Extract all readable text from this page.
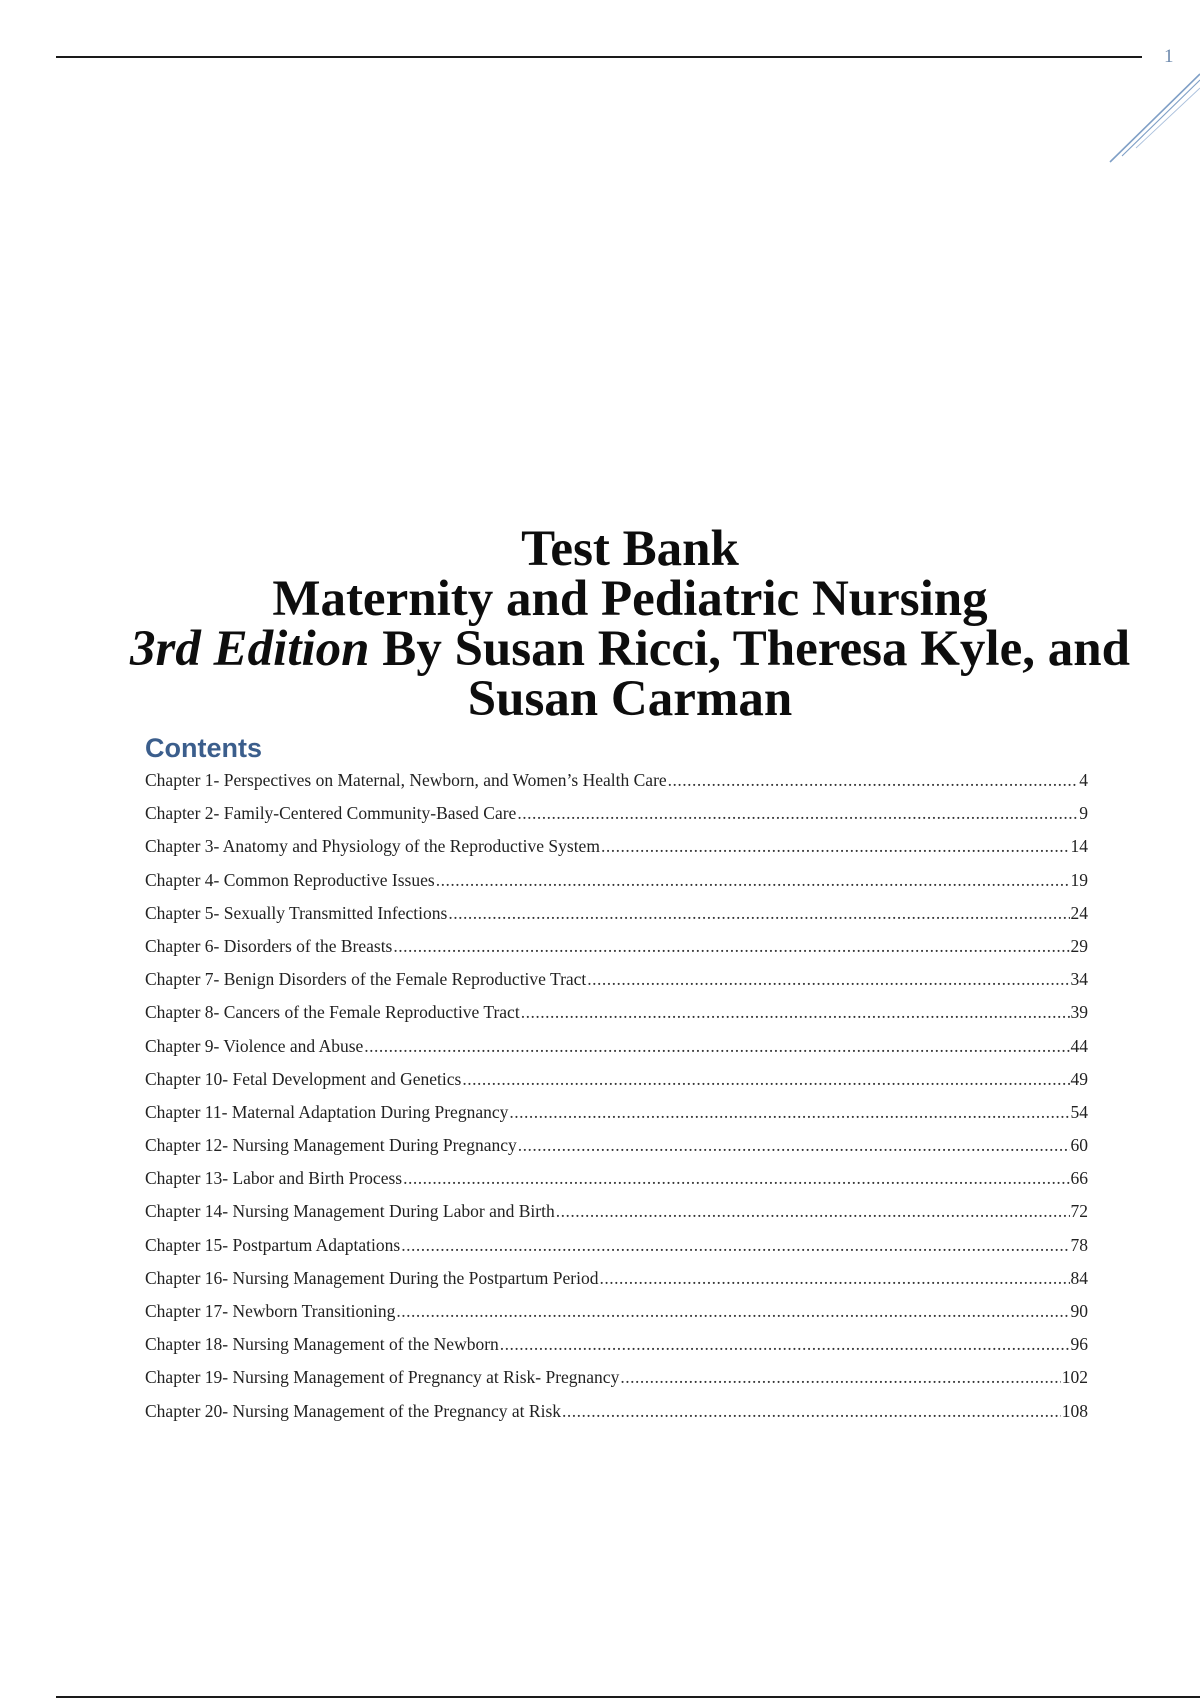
1

Test Bank

Maternity and Pediatric Nursing

3rd Edition By Susan Ricci, Theresa Kyle, and

Susan Carman

Contents
Chapter 1- Perspectives on Maternal, Newborn, and Women’s Health Care .....	4
Chapter 2- Family-Centered Community-Based Care .....	9
Chapter 3- Anatomy and Physiology of the Reproductive System .....	14
Chapter 4- Common Reproductive Issues .....	19
Chapter 5- Sexually Transmitted Infections .....	24
Chapter 6- Disorders of the Breasts .....	29
Chapter 7- Benign Disorders of the Female Reproductive Tract .....	34
Chapter 8- Cancers of the Female Reproductive Tract .....	39
Chapter 9- Violence and Abuse .....	44
Chapter 10- Fetal Development and Genetics .....	49
Chapter 11- Maternal Adaptation During Pregnancy .....	54
Chapter 12- Nursing Management During Pregnancy .....	60
Chapter 13- Labor and Birth Process .....	66
Chapter 14- Nursing Management During Labor and Birth .....	72
Chapter 15- Postpartum Adaptations .....	78
Chapter 16- Nursing Management During the Postpartum Period .....	84
Chapter 17- Newborn Transitioning .....	90
Chapter 18- Nursing Management of the Newborn .....	96
Chapter 19- Nursing Management of Pregnancy at Risk- Pregnancy .....	102
Chapter 20- Nursing Management of the Pregnancy at Risk .....	108
